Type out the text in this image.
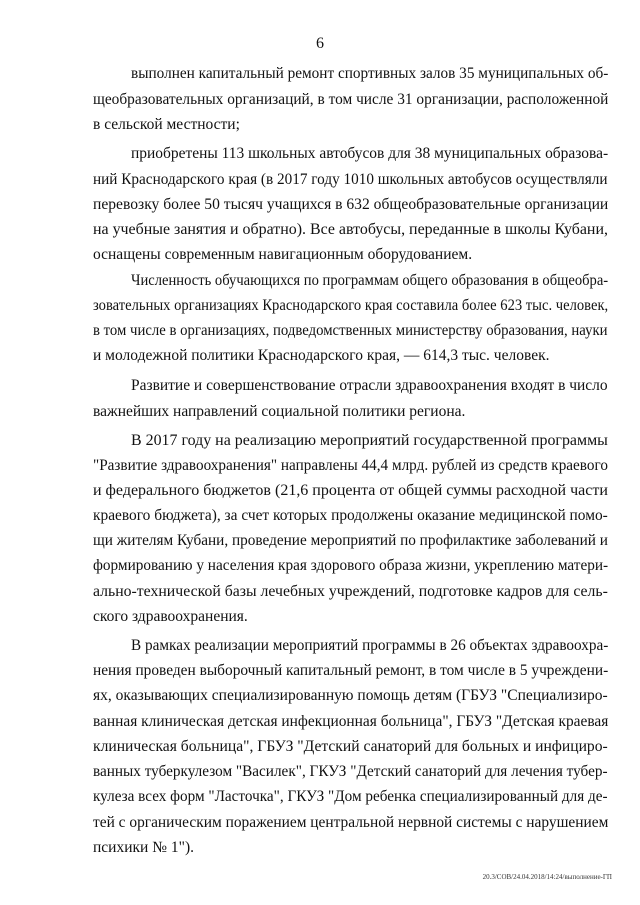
6
выполнен капитальный ремонт спортивных залов 35 муниципальных об-
щеобразовательных организаций, в том числе 31 организации, расположенной
в сельской местности;
приобретены 113 школьных автобусов для 38 муниципальных образова-
ний Краснодарского края (в 2017 году 1010 школьных автобусов осуществляли
перевозку более 50 тысяч учащихся в 632 общеобразовательные организации
на учебные занятия и обратно). Все автобусы, переданные в школы Кубани,
оснащены современным навигационным оборудованием.
Численность обучающихся по программам общего образования в общеобра-
зовательных организациях Краснодарского края составила более 623 тыс. человек,
в том числе в организациях, подведомственных министерству образования, науки
и молодежной политики Краснодарского края, — 614,3 тыс. человек.
Развитие и совершенствование отрасли здравоохранения входят в число
важнейших направлений социальной политики региона.
В 2017 году на реализацию мероприятий государственной программы
"Развитие здравоохранения" направлены 44,4 млрд. рублей из средств краевого
и федерального бюджетов (21,6 процента от общей суммы расходной части
краевого бюджета), за счет которых продолжены оказание медицинской помо-
щи жителям Кубани, проведение мероприятий по профилактике заболеваний и
формированию у населения края здорового образа жизни, укреплению матери-
ально-технической базы лечебных учреждений, подготовке кадров для сель-
ского здравоохранения.
В рамках реализации мероприятий программы в 26 объектах здравоохра-
нения проведен выборочный капитальный ремонт, в том числе в 5 учреждени-
ях, оказывающих специализированную помощь детям (ГБУЗ "Специализиро-
ванная клиническая детская инфекционная больница", ГБУЗ "Детская краевая
клиническая больница", ГБУЗ "Детский санаторий для больных и инфициро-
ванных туберкулезом "Василек", ГКУЗ "Детский санаторий для лечения тубер-
кулеза всех форм "Ласточка", ГКУЗ "Дом ребенка специализированный для де-
тей с органическим поражением центральной нервной системы с нарушением
психики № 1").
20.3/СОВ/24.04.2018/14:24/выполнение-ГП
